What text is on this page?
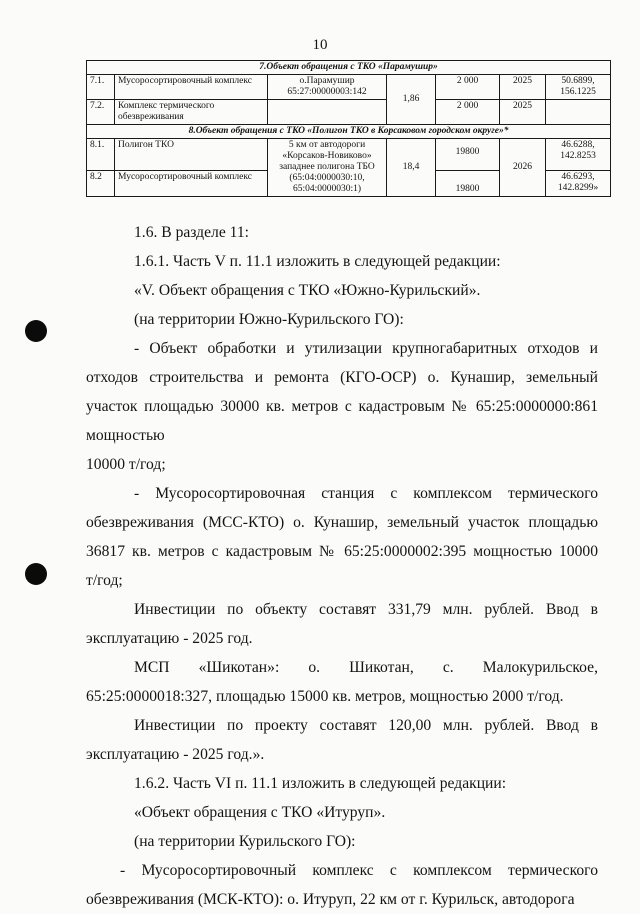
10
7.Объект обращения с ТКО «Парамушир»						
7.1.	Мусоросортировочный комплекс	о.Парамушир 65:27:00000003:142	1,86	2 000	2025	50.6899, 156.1225
7.2.	Комплекс термического обезвреживания			2 000	2025	
8.Объект обращения с ТКО «Полигон ТКО в Корсаковом городском округе»*						
8.1.	Полигон ТКО	5 км от автодороги «Корсаков-Новиково» западнее полигона ТБО (65:04:0000030:10, 65:04:0000030:1)	18,4	19800	2026	46.6288, 142.8253
8.2	Мусоросортировочный комплекс			19800		46.6293, 142.8299»

1.6. В разделе 11:

1.6.1. Часть V п. 11.1 изложить в следующей редакции:

«V. Объект обращения с ТКО «Южно-Курильский».

(на территории Южно-Курильского ГО):

- Объект обработки и утилизации крупногабаритных отходов и отходов строительства и ремонта (КГО-ОСР) о. Кунашир, земельный участок площадью 30000 кв. метров с кадастровым № 65:25:0000000:861 мощностью

10000 т/год;

- Мусоросортировочная станция с комплексом термического обезвреживания (МСС-КТО) о. Кунашир, земельный участок площадью 36817 кв. метров с кадастровым № 65:25:0000002:395 мощностью 10000

т/год;

Инвестиции по объекту составят 331,79 млн. рублей. Ввод в

эксплуатацию - 2025 год.

МСП «Шикотан»: о. Шикотан, с. Малокурильское, 65:25:0000018:327, площадью 15000 кв. метров, мощностью 2000 т/год.

Инвестиции по проекту составят 120,00 млн. рублей. Ввод в

эксплуатацию - 2025 год.».

1.6.2. Часть VI п. 11.1 изложить в следующей редакции:

«Объект обращения с ТКО «Итуруп».

(на территории Курильского ГО):

- Мусоросортировочный комплекс с комплексом термического обезвреживания (МСК-КТО): о. Итуруп, 22 км от г. Курильск, автодорога
